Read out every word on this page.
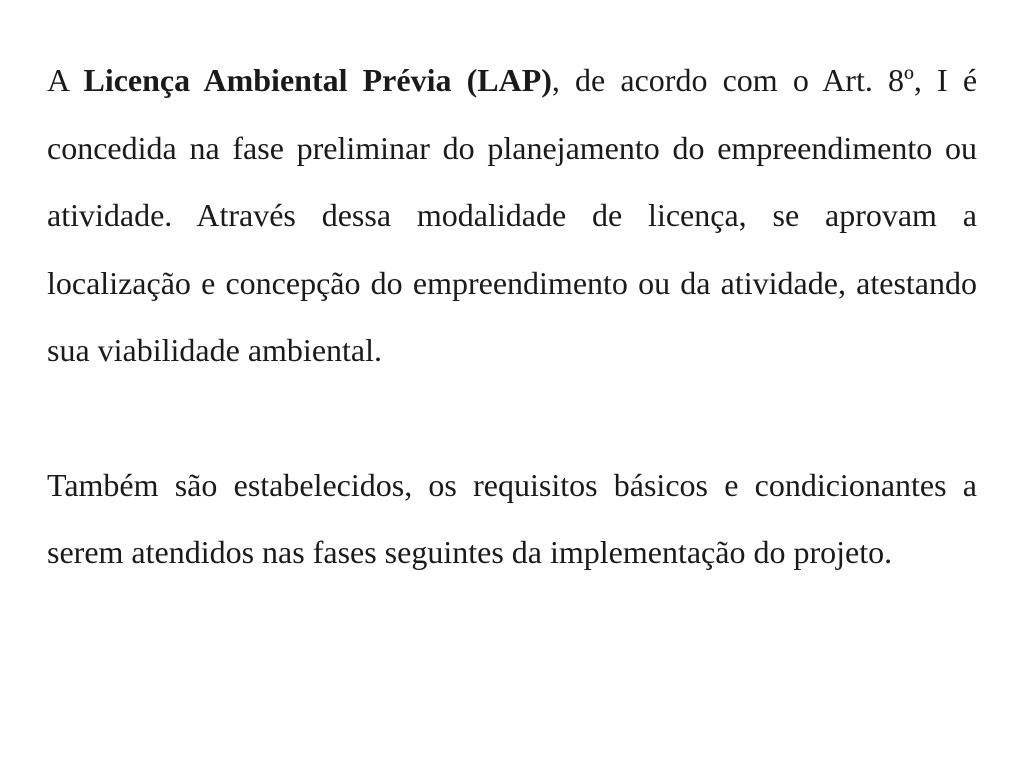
A Licença Ambiental Prévia (LAP), de acordo com o Art. 8º, I é concedida na fase preliminar do planejamento do empreendimento ou atividade. Através dessa modalidade de licença, se aprovam a localização e concepção do empreendimento ou da atividade, atestando sua viabilidade ambiental.

Também são estabelecidos, os requisitos básicos e condicionantes a serem atendidos nas fases seguintes da implementação do projeto.
